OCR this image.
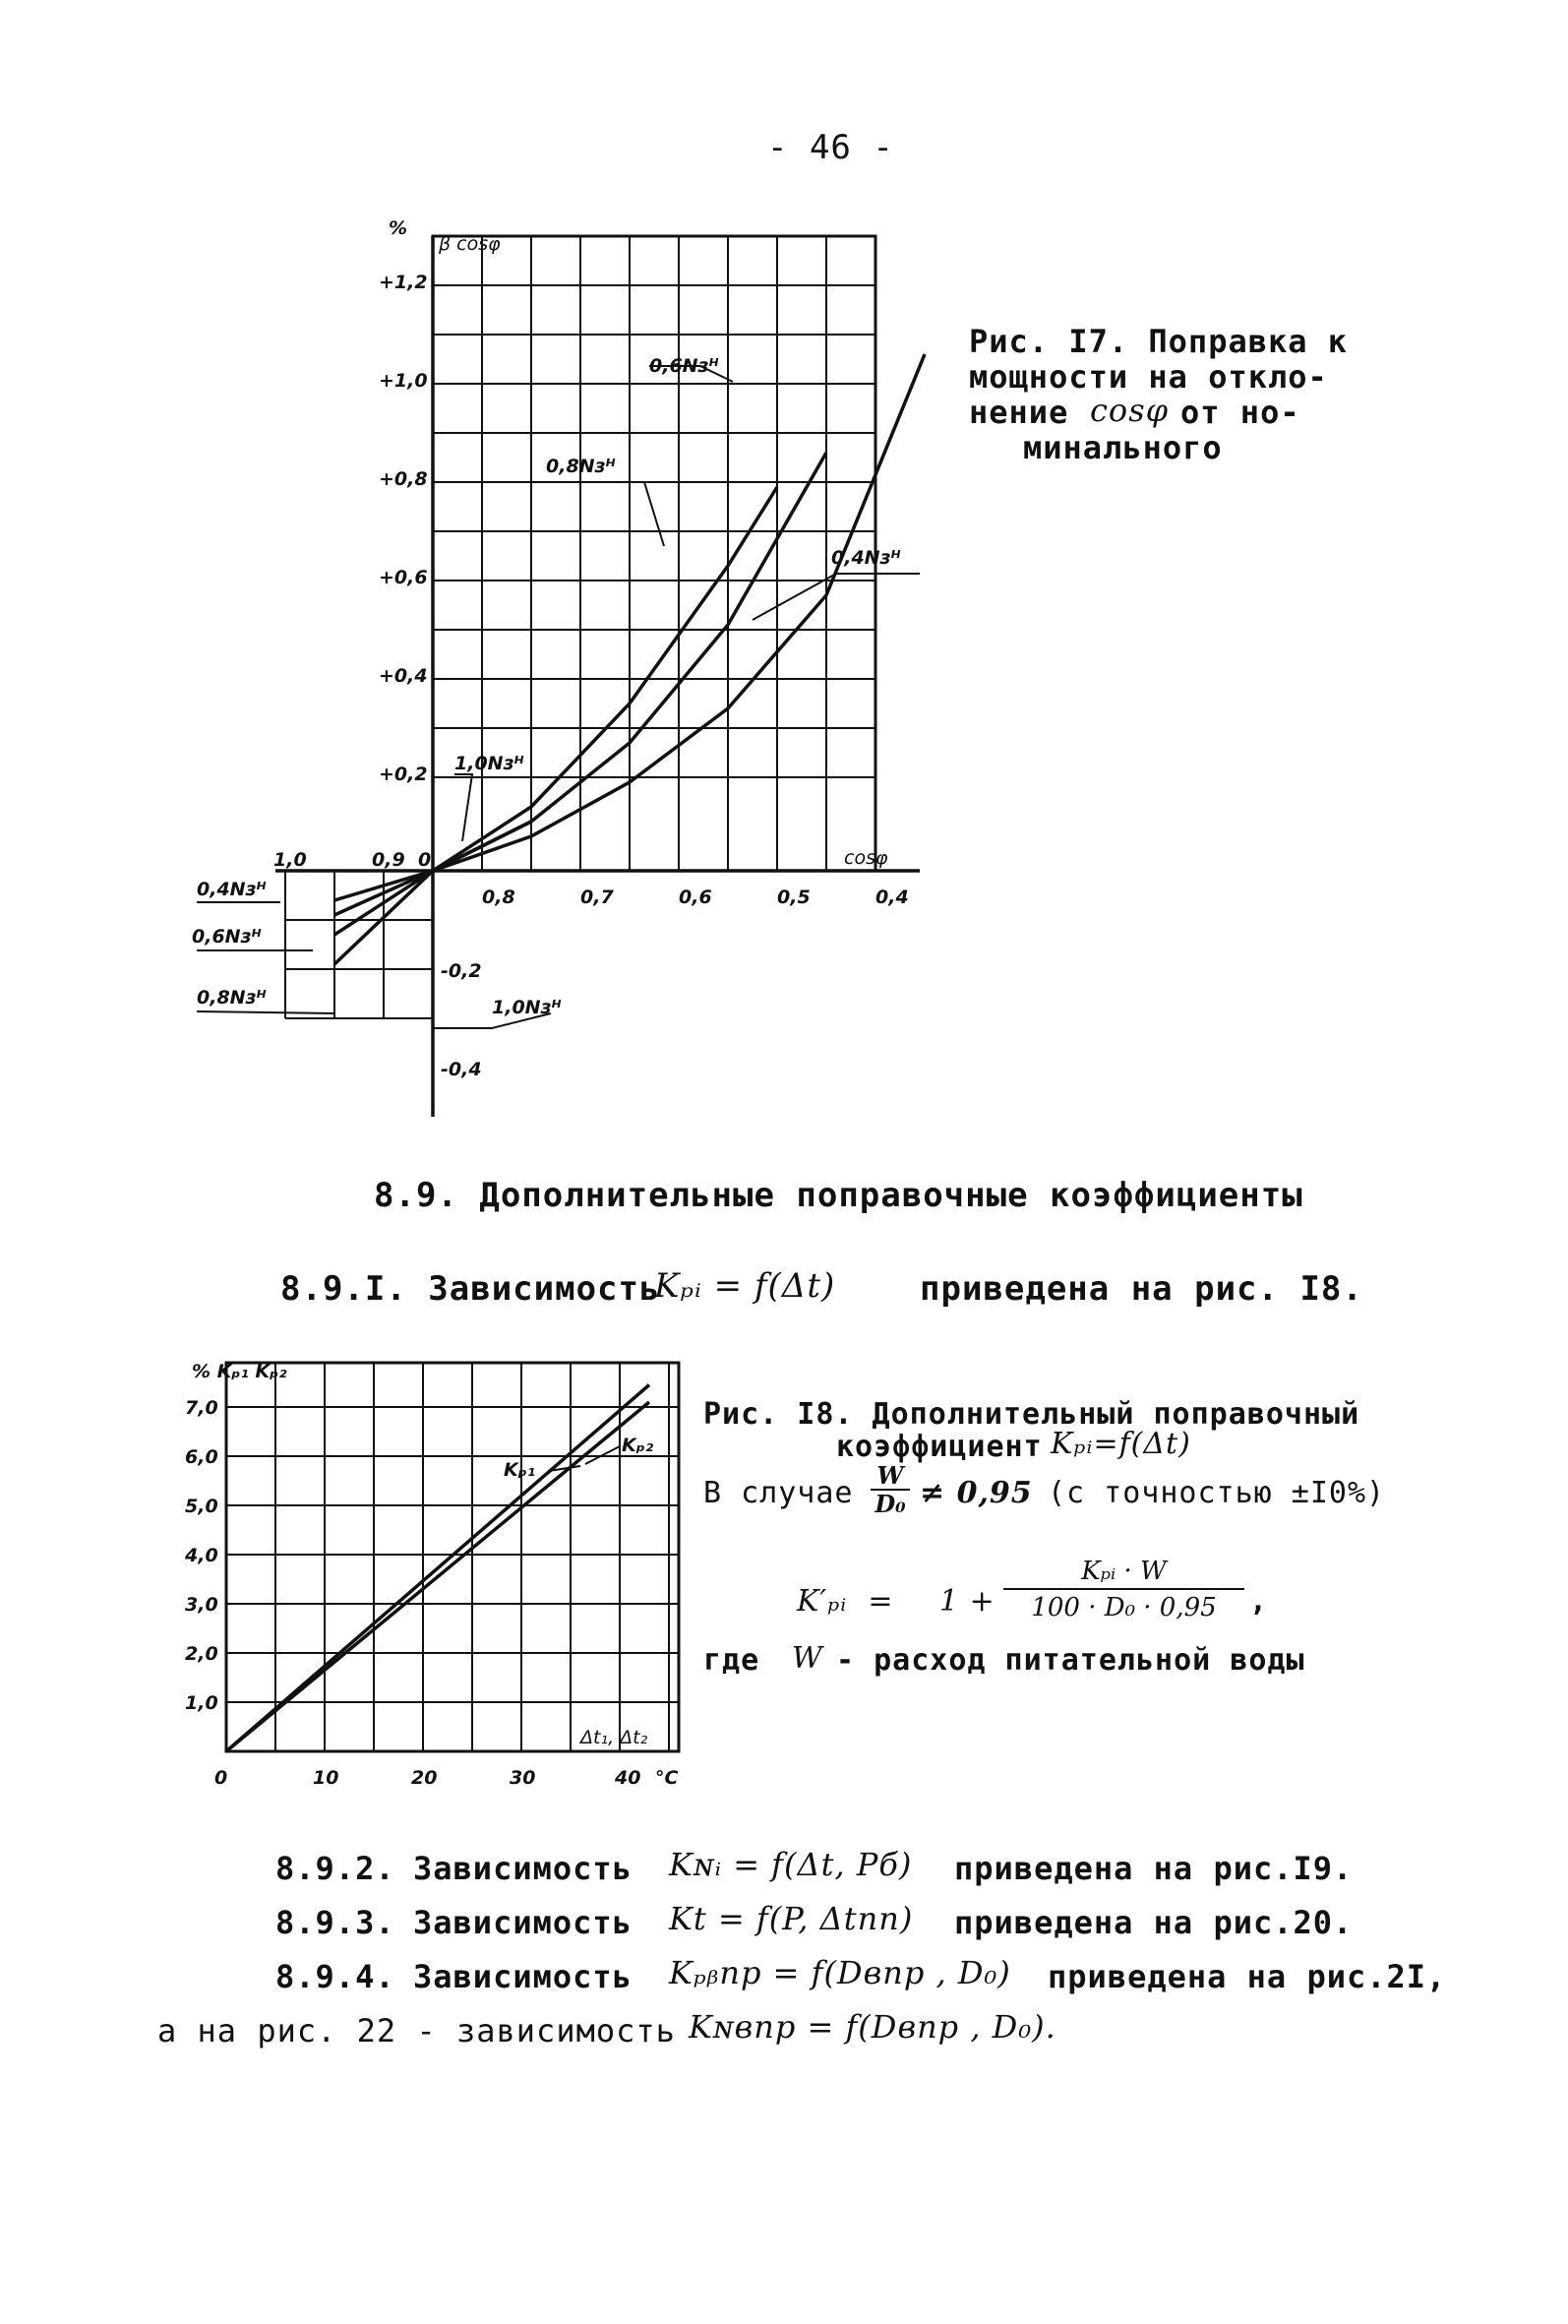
- 46 -
%
β cosφ
cosφ
+1,2
+1,0
+0,8
+0,6
+0,4
+0,2
-0,2
-0,4
1,0	0,9 0
0,8	0,7	0,6	0,5	0,4
0,6Nзᴴ
0,8Nзᴴ
0,4Nзᴴ
1,0Nзᴴ
0,4Nзᴴ
0,6Nзᴴ
0,8Nзᴴ	1,0Nзᴴ
Рис. I7. Поправка к
мощности на откло-
нение cosφ от но-
минального
8.9. Дополнительные поправочные коэффициенты
8.9.I. Зависимость
Kₚᵢ = f(Δt)	приведена на рис. I8.
% Kₚ₁ Kₚ₂
Δt₁, Δt₂
°C
7,0
6,0
5,0
4,0
3,0
2,0
1,0
0	10	20	30	40
Kₚ₁
Kₚ₂
Рис. I8. Дополнительный поправочный
коэффициент Kₚᵢ=f(Δt)
В случае $\frac{W}{\text{D₀}} \ne 0,95$ (с точностью ±I0%)
K′ₚᵢ  = 1 +
Kₚᵢ · W
100 · D₀ · 0,95	,
где W - расход питательной воды
8.9.2. Зависимость Kɴᵢ = f(Δt, Pб) приведена на рис.I9.
8.9.3. Зависимость Kt = f(P, Δtпп) приведена на рис.20.
8.9.4. Зависимость Kₚᵦпр = f(Dвпр , D₀) приведена на рис.2I,
а на рис. 22 - зависимость Kɴвпр = f(Dвпр , D₀).
